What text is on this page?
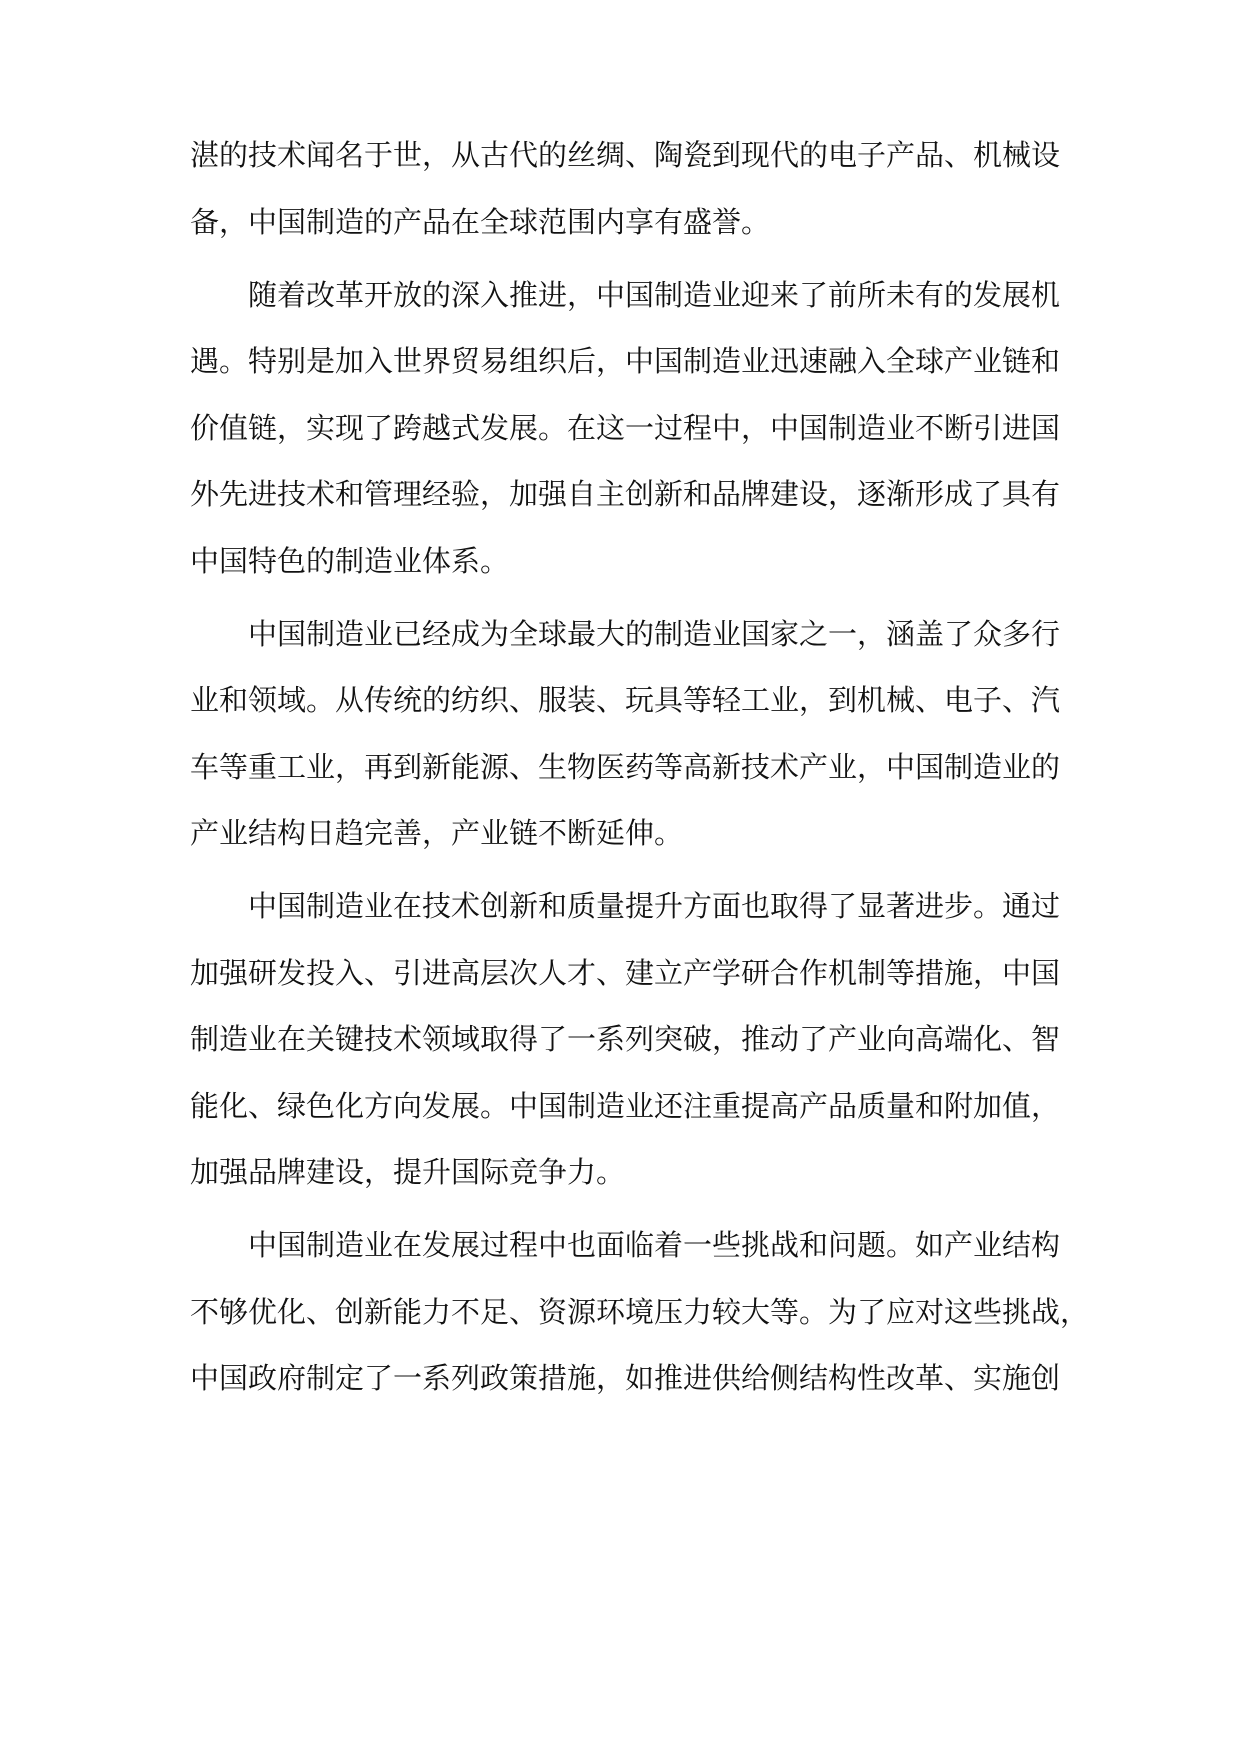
湛的技术闻名于世，从古代的丝绸、陶瓷到现代的电子产品、机械设
备，中国制造的产品在全球范围内享有盛誉。
随着改革开放的深入推进，中国制造业迎来了前所未有的发展机
遇。特别是加入世界贸易组织后，中国制造业迅速融入全球产业链和
价值链，实现了跨越式发展。在这一过程中，中国制造业不断引进国
外先进技术和管理经验，加强自主创新和品牌建设，逐渐形成了具有
中国特色的制造业体系。
中国制造业已经成为全球最大的制造业国家之一，涵盖了众多行
业和领域。从传统的纺织、服装、玩具等轻工业，到机械、电子、汽
车等重工业，再到新能源、生物医药等高新技术产业，中国制造业的
产业结构日趋完善，产业链不断延伸。
中国制造业在技术创新和质量提升方面也取得了显著进步。通过
加强研发投入、引进高层次人才、建立产学研合作机制等措施，中国
制造业在关键技术领域取得了一系列突破，推动了产业向高端化、智
能化、绿色化方向发展。中国制造业还注重提高产品质量和附加值，
加强品牌建设，提升国际竞争力。
中国制造业在发展过程中也面临着一些挑战和问题。如产业结构
不够优化、创新能力不足、资源环境压力较大等。为了应对这些挑战，
中国政府制定了一系列政策措施，如推进供给侧结构性改革、实施创
